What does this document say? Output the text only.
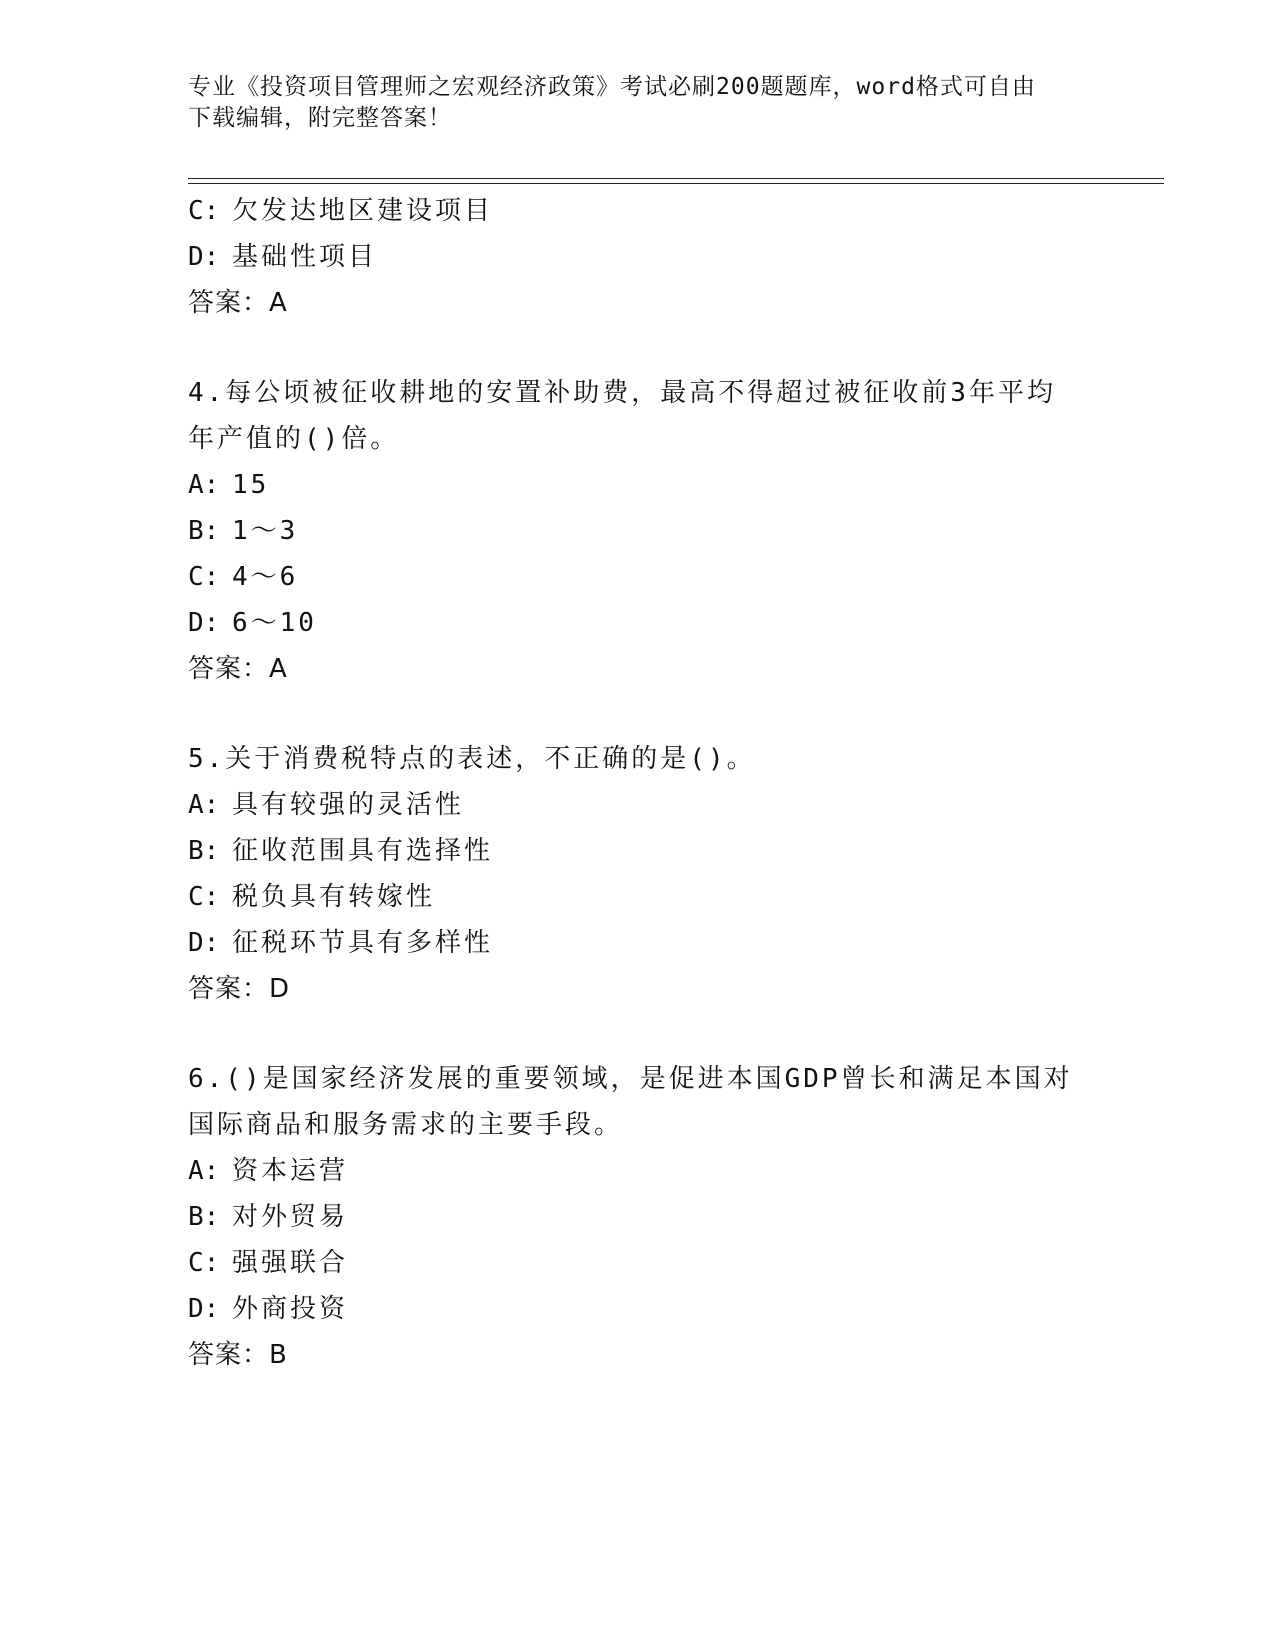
专业《投资项目管理师之宏观经济政策》考试必刷200题题库，word格式可自由
下载编辑，附完整答案！
C: 欠发达地区建设项目
D: 基础性项目
答案：A
4.每公顷被征收耕地的安置补助费，最高不得超过被征收前3年平均
年产值的()倍。
A: 15
B: 1～3
C: 4～6
D: 6～10
答案：A
5.关于消费税特点的表述，不正确的是()。
A: 具有较强的灵活性
B: 征收范围具有选择性
C: 税负具有转嫁性
D: 征税环节具有多样性
答案：D
6.()是国家经济发展的重要领域，是促进本国GDP曾长和满足本国对
国际商品和服务需求的主要手段。
A: 资本运营
B: 对外贸易
C: 强强联合
D: 外商投资
答案：B
